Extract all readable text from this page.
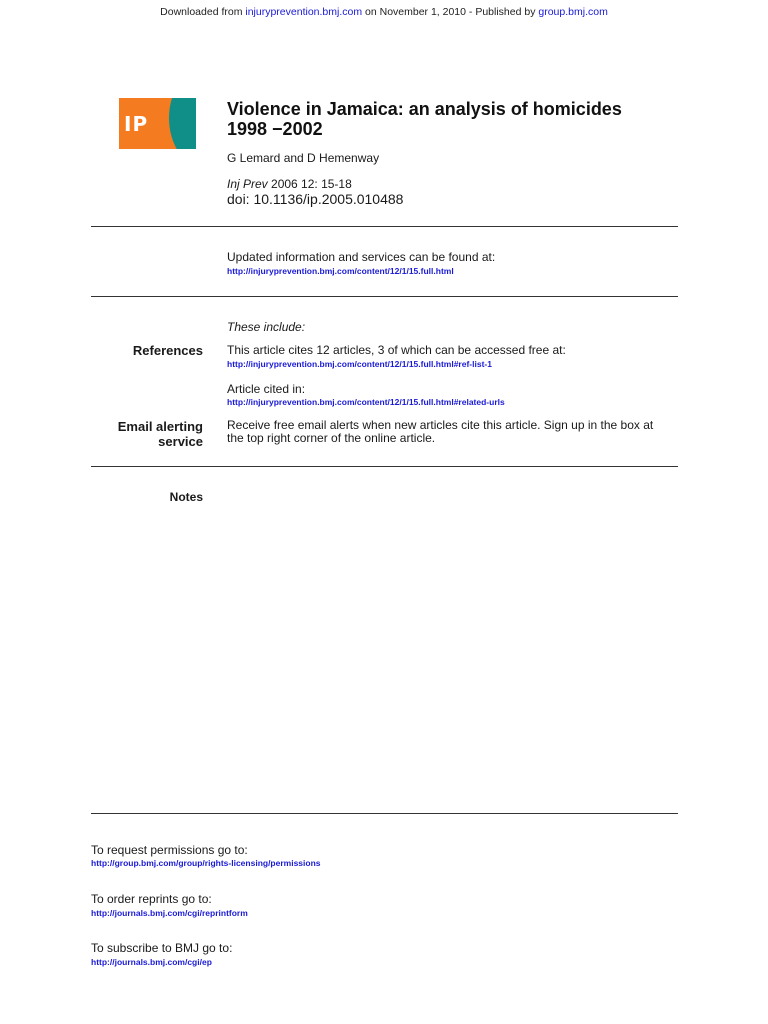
Downloaded from injuryprevention.bmj.com on November 1, 2010 - Published by group.bmj.com
IP
Violence in Jamaica: an analysis of homicides
1998 −2002
G Lemard and D Hemenway
Inj Prev 2006 12: 15-18
doi: 10.1136/ip.2005.010488
Updated information and services can be found at:
http://injuryprevention.bmj.com/content/12/1/15.full.html
These include:
References This article cites 12 articles, 3 of which can be accessed free at:
http://injuryprevention.bmj.com/content/12/1/15.full.html#ref-list-1
Article cited in:
http://injuryprevention.bmj.com/content/12/1/15.full.html#related-urls
Email alerting
service
Receive free email alerts when new articles cite this article. Sign up in the box at
the top right corner of the online article.
Notes
To request permissions go to:
http://group.bmj.com/group/rights-licensing/permissions
To order reprints go to:
http://journals.bmj.com/cgi/reprintform
To subscribe to BMJ go to:
http://journals.bmj.com/cgi/ep
